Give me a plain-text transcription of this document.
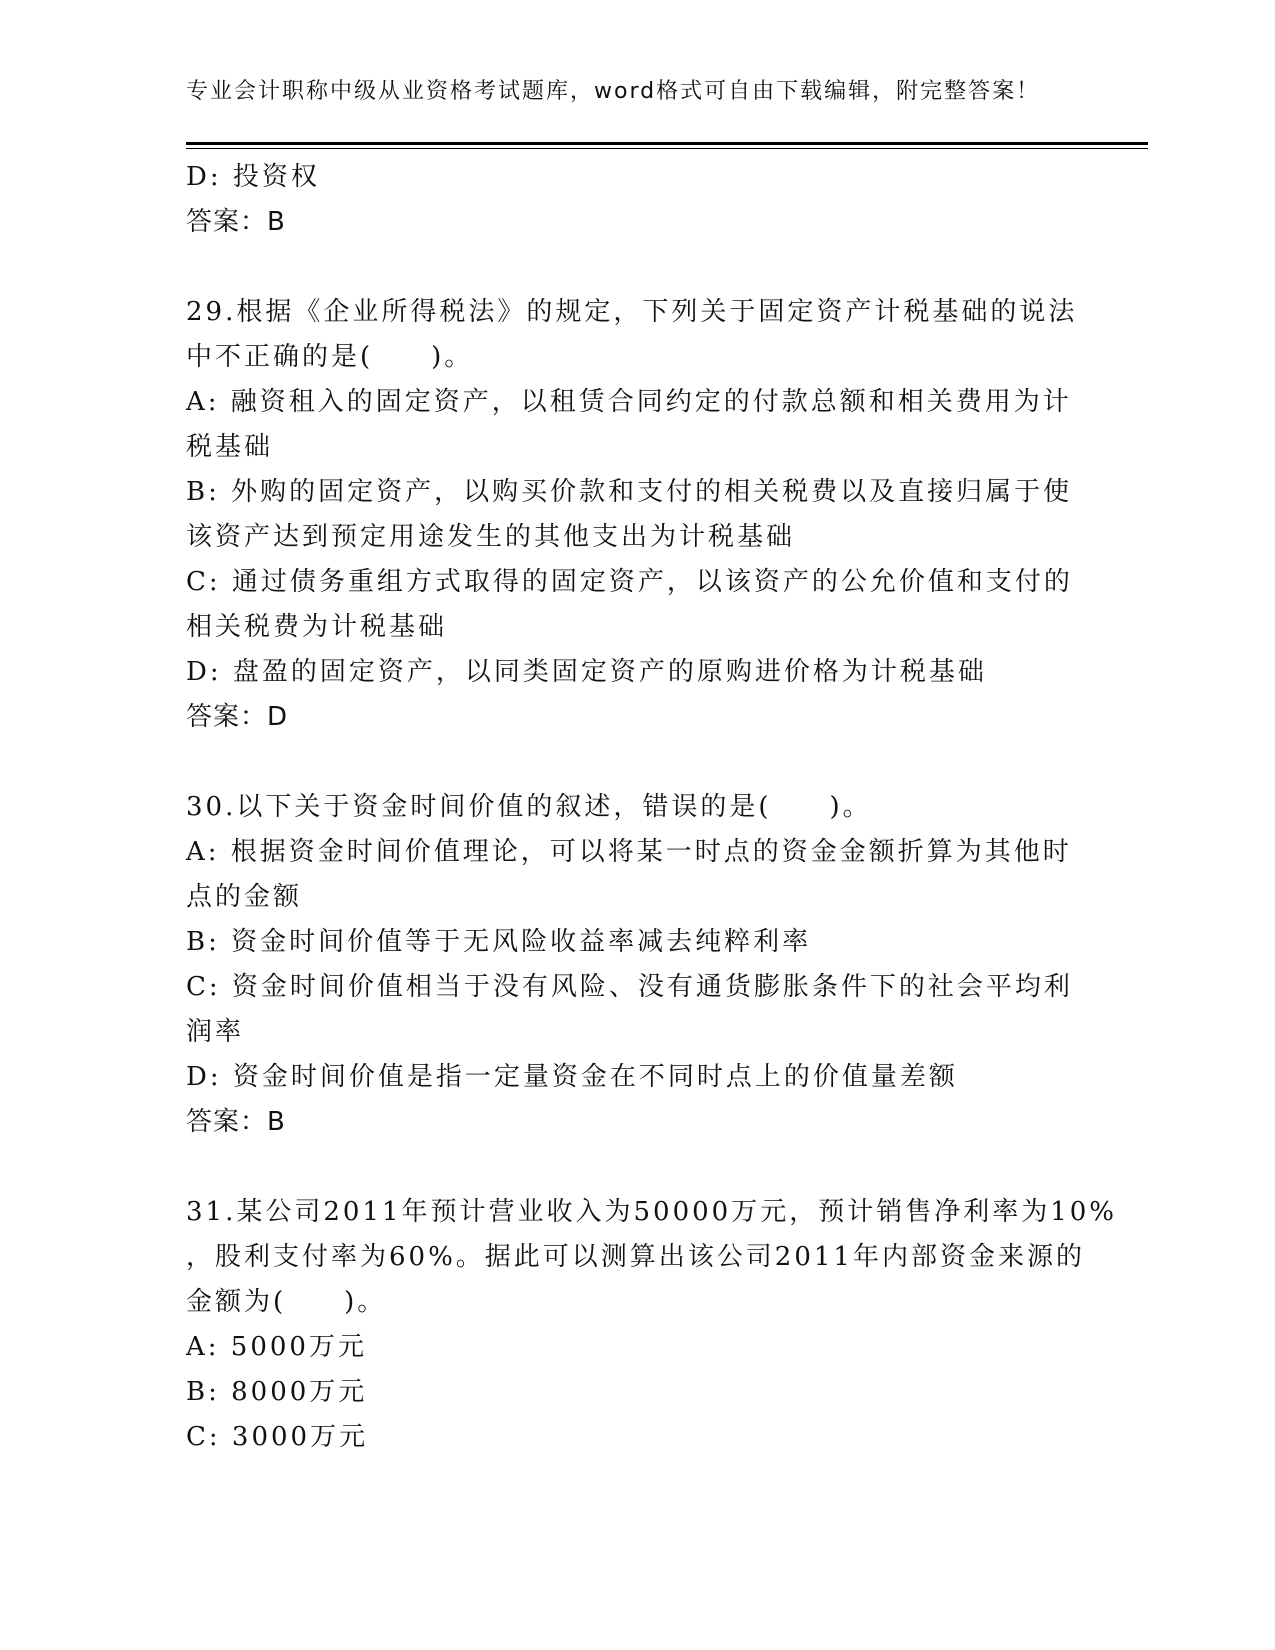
专业会计职称中级从业资格考试题库，word格式可自由下载编辑，附完整答案！

D: 投资权

答案：B

29.根据《企业所得税法》的规定，下列关于固定资产计税基础的说法

中不正确的是(　　)。

A: 融资租入的固定资产，以租赁合同约定的付款总额和相关费用为计

税基础

B: 外购的固定资产，以购买价款和支付的相关税费以及直接归属于使

该资产达到预定用途发生的其他支出为计税基础

C: 通过债务重组方式取得的固定资产，以该资产的公允价值和支付的

相关税费为计税基础

D: 盘盈的固定资产，以同类固定资产的原购进价格为计税基础

答案：D

30.以下关于资金时间价值的叙述，错误的是(　　)。

A: 根据资金时间价值理论，可以将某一时点的资金金额折算为其他时

点的金额

B: 资金时间价值等于无风险收益率减去纯粹利率

C: 资金时间价值相当于没有风险、没有通货膨胀条件下的社会平均利

润率

D: 资金时间价值是指一定量资金在不同时点上的价值量差额

答案：B

31.某公司2011年预计营业收入为50000万元，预计销售净利率为10%

，股利支付率为60%。据此可以测算出该公司2011年内部资金来源的

金额为(　　)。

A: 5000万元

B: 8000万元

C: 3000万元
